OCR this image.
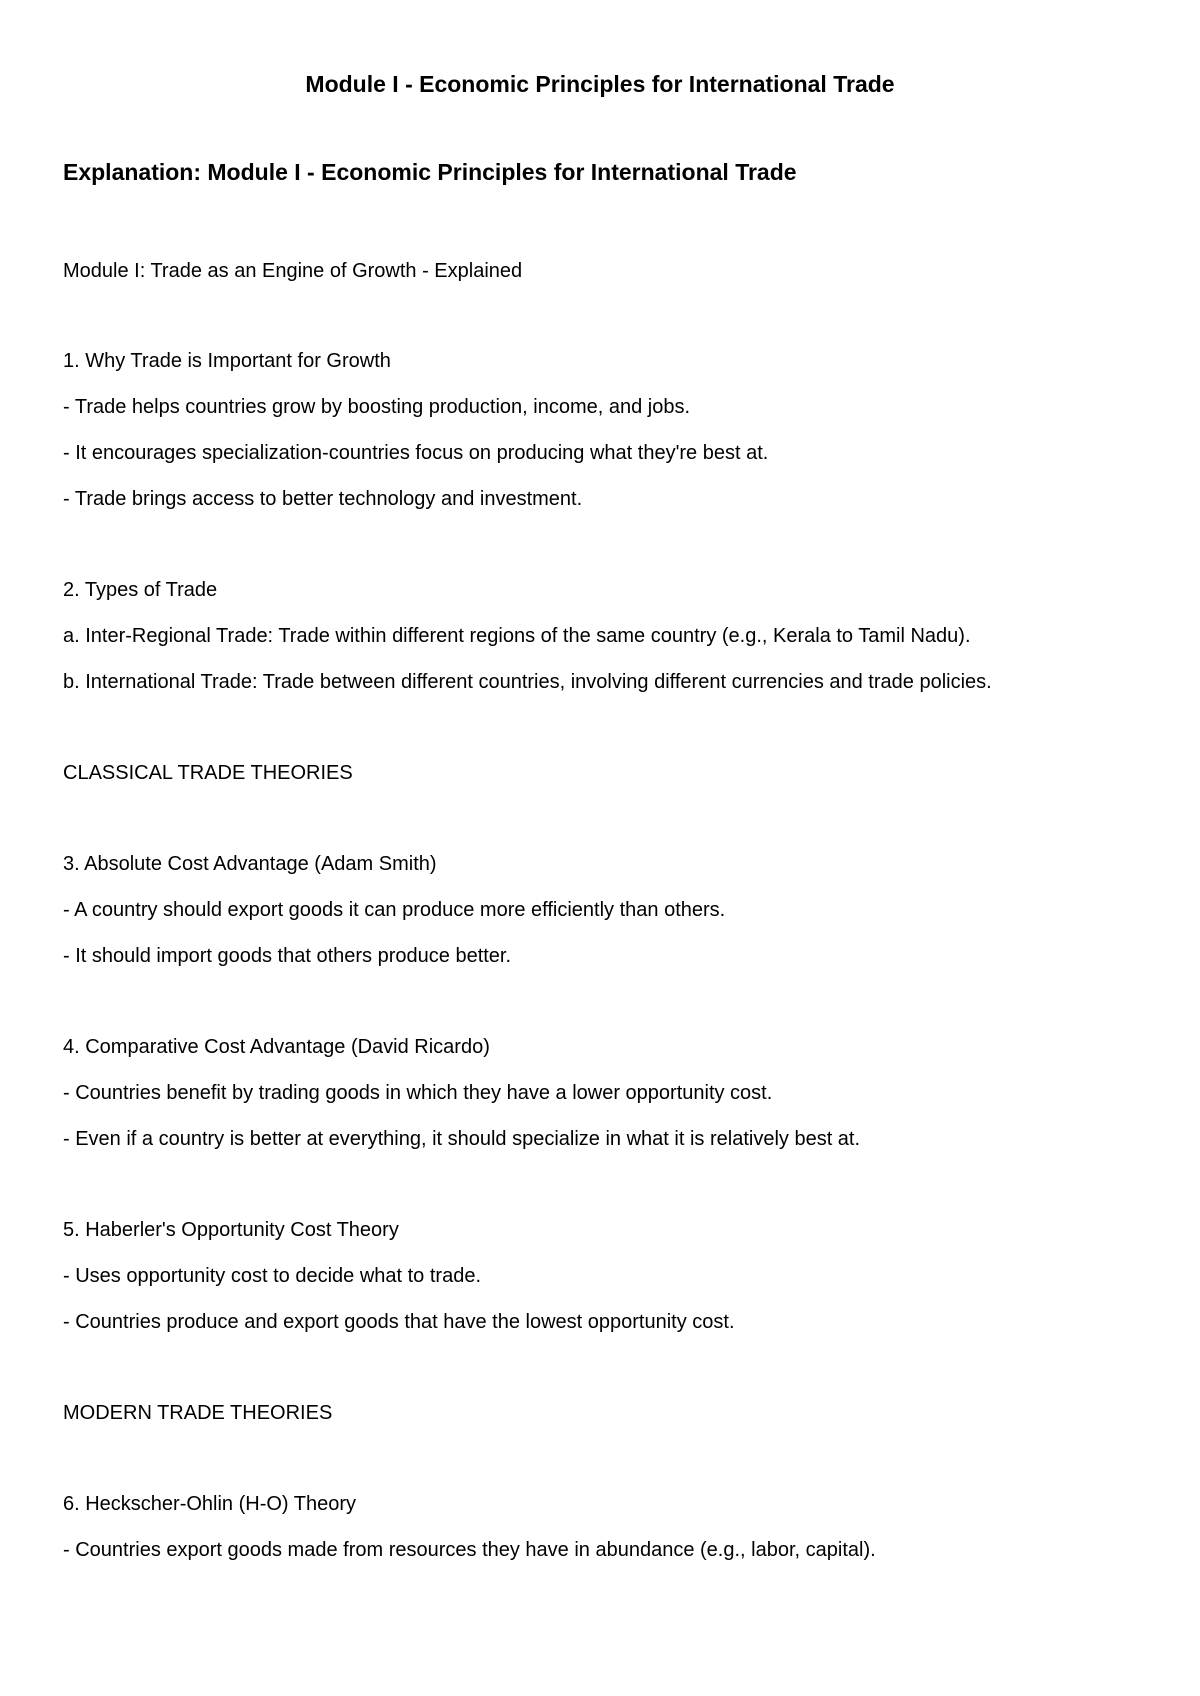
Module I - Economic Principles for International Trade
Explanation: Module I - Economic Principles for International Trade
Module I: Trade as an Engine of Growth - Explained
1. Why Trade is Important for Growth
- Trade helps countries grow by boosting production, income, and jobs.
- It encourages specialization-countries focus on producing what they're best at.
- Trade brings access to better technology and investment.
2. Types of Trade
a. Inter-Regional Trade: Trade within different regions of the same country (e.g., Kerala to Tamil Nadu).
b. International Trade: Trade between different countries, involving different currencies and trade policies.
CLASSICAL TRADE THEORIES
3. Absolute Cost Advantage (Adam Smith)
- A country should export goods it can produce more efficiently than others.
- It should import goods that others produce better.
4. Comparative Cost Advantage (David Ricardo)
- Countries benefit by trading goods in which they have a lower opportunity cost.
- Even if a country is better at everything, it should specialize in what it is relatively best at.
5. Haberler's Opportunity Cost Theory
- Uses opportunity cost to decide what to trade.
- Countries produce and export goods that have the lowest opportunity cost.
MODERN TRADE THEORIES
6. Heckscher-Ohlin (H-O) Theory
- Countries export goods made from resources they have in abundance (e.g., labor, capital).
